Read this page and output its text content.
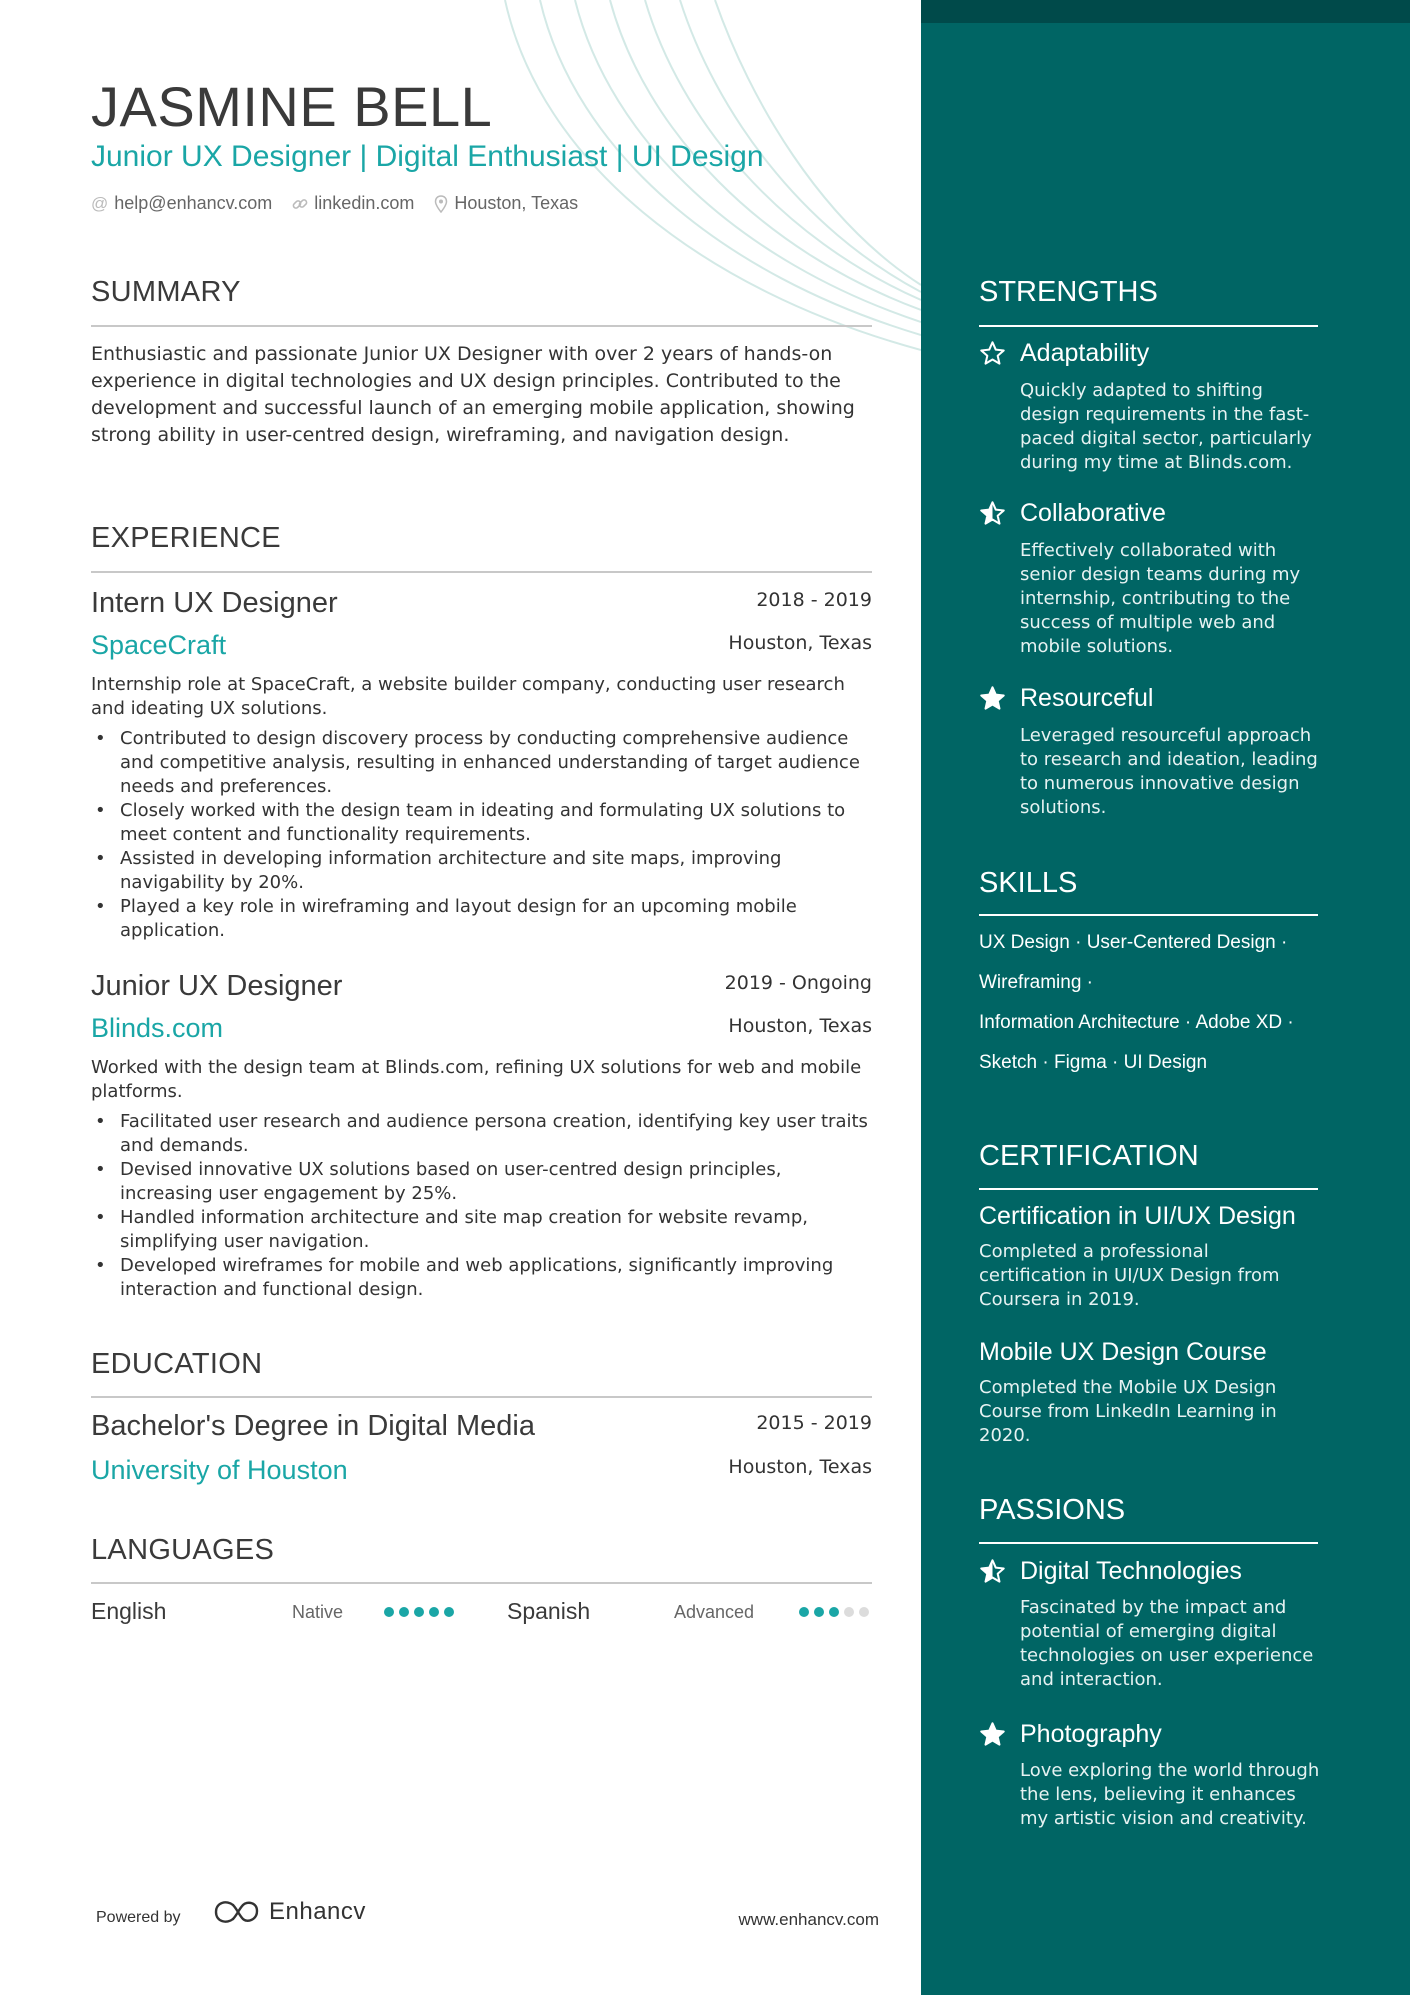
JASMINE BELL
Junior UX Designer | Digital Enthusiast | UI Design
@ help@enhancv.com linkedin.com Houston, Texas
SUMMARY
Enthusiastic and passionate Junior UX Designer with over 2 years of hands-on experience in digital technologies and UX design principles. Contributed to the development and successful launch of an emerging mobile application, showing strong ability in user-centred design, wireframing, and navigation design.
EXPERIENCE
Intern UX Designer	2018 - 2019
SpaceCraft	Houston, Texas
Internship role at SpaceCraft, a website builder company, conducting user research and ideating UX solutions.
• Contributed to design discovery process by conducting comprehensive audience and competitive analysis, resulting in enhanced understanding of target audience needs and preferences.
• Closely worked with the design team in ideating and formulating UX solutions to meet content and functionality requirements.
• Assisted in developing information architecture and site maps, improving navigability by 20%.
• Played a key role in wireframing and layout design for an upcoming mobile application.
Junior UX Designer	2019 - Ongoing
Blinds.com	Houston, Texas
Worked with the design team at Blinds.com, refining UX solutions for web and mobile platforms.
• Facilitated user research and audience persona creation, identifying key user traits and demands.
• Devised innovative UX solutions based on user-centred design principles, increasing user engagement by 25%.
• Handled information architecture and site map creation for website revamp, simplifying user navigation.
• Developed wireframes for mobile and web applications, significantly improving interaction and functional design.
EDUCATION
Bachelor's Degree in Digital Media	2015 - 2019
University of Houston	Houston, Texas
LANGUAGES
English	Native	Spanish	Advanced
Powered by	Enhancv	www.enhancv.com
STRENGTHS
Adaptability
Quickly adapted to shifting design requirements in the fast-paced digital sector, particularly during my time at Blinds.com.
Collaborative
Effectively collaborated with senior design teams during my internship, contributing to the success of multiple web and mobile solutions.
Resourceful
Leveraged resourceful approach to research and ideation, leading to numerous innovative design solutions.
SKILLS
UX Design · User-Centered Design ·
Wireframing ·
Information Architecture · Adobe XD ·
Sketch · Figma · UI Design
CERTIFICATION
Certification in UI/UX Design
Completed a professional certification in UI/UX Design from Coursera in 2019.
Mobile UX Design Course
Completed the Mobile UX Design Course from LinkedIn Learning in 2020.
PASSIONS
Digital Technologies
Fascinated by the impact and potential of emerging digital technologies on user experience and interaction.
Photography
Love exploring the world through the lens, believing it enhances my artistic vision and creativity.
